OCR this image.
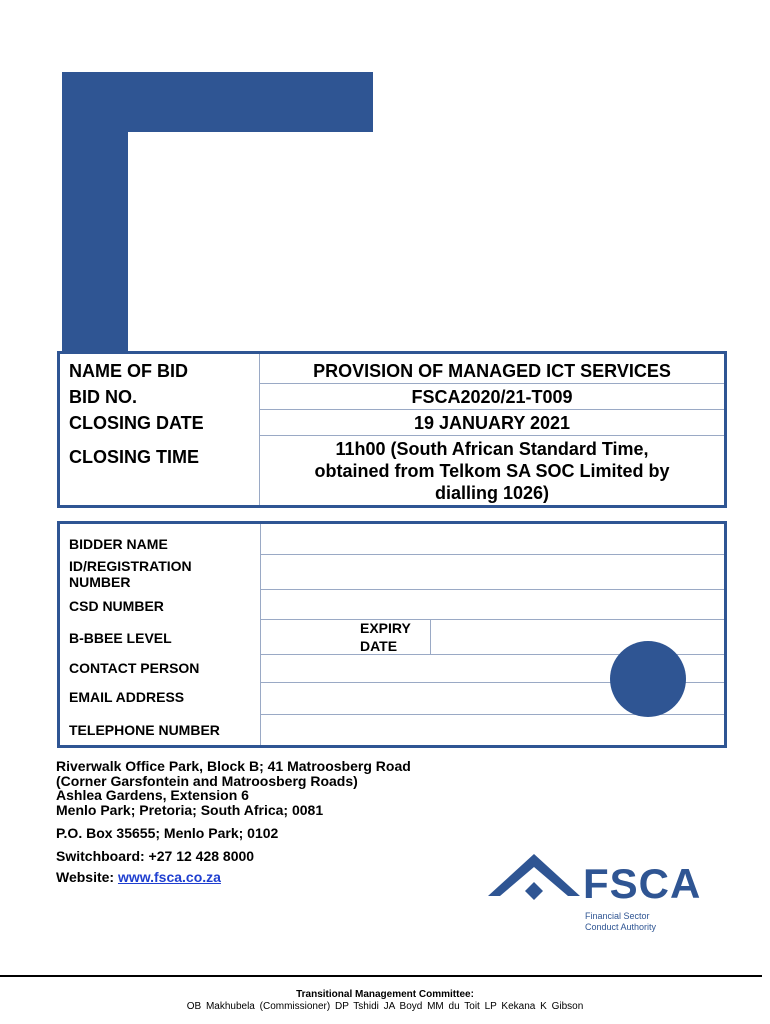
NAME OF BID	PROVISION OF MANAGED ICT SERVICES
BID NO.	FSCA2020/21-T009
CLOSING DATE	19 JANUARY 2021
CLOSING TIME	11h00 (South African Standard Time,
obtained from Telkom SA SOC Limited by
dialling 1026)
BIDDER NAME
ID/REGISTRATION
NUMBER
CSD NUMBER
B-BBEE LEVEL
EXPIRY
DATE
CONTACT PERSON
EMAIL ADDRESS
TELEPHONE NUMBER
Riverwalk Office Park, Block B; 41 Matroosberg Road
(Corner Garsfontein and Matroosberg Roads)
Ashlea Gardens, Extension 6
Menlo Park; Pretoria; South Africa; 0081
P.O. Box 35655; Menlo Park; 0102
Switchboard: +27 12 428 8000
Website: www.fsca.co.za	FSCA
Financial Sector
Conduct Authority
Transitional Management Committee:
OB Makhubela (Commissioner) DP Tshidi JA Boyd MM du Toit LP Kekana K Gibson
